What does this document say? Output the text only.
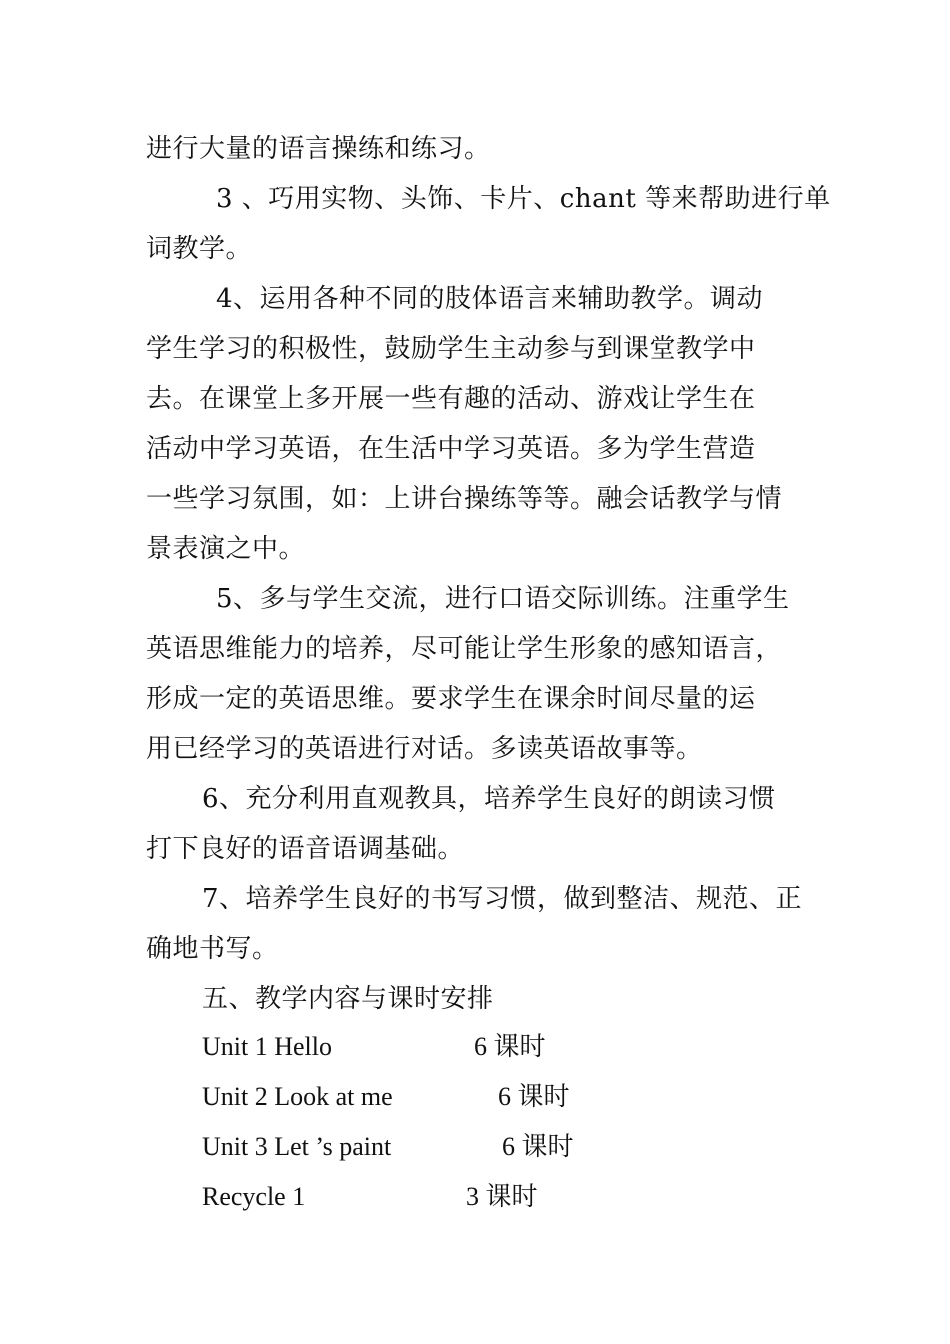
进行大量的语言操练和练习。
3 、巧用实物、头饰、卡片、chant 等来帮助进行单
词教学。
4、运用各种不同的肢体语言来辅助教学。调动
学生学习的积极性，鼓励学生主动参与到课堂教学中
去。在课堂上多开展一些有趣的活动、游戏让学生在
活动中学习英语，在生活中学习英语。多为学生营造
一些学习氛围，如：上讲台操练等等。融会话教学与情
景表演之中。
5、多与学生交流，进行口语交际训练。注重学生
英语思维能力的培养，尽可能让学生形象的感知语言，
形成一定的英语思维。要求学生在课余时间尽量的运
用已经学习的英语进行对话。多读英语故事等。
6、充分利用直观教具，培养学生良好的朗读习惯
打下良好的语音语调基础。
7、培养学生良好的书写习惯，做到整洁、规范、正
确地书写。
五、教学内容与课时安排
Unit 1 Hello	6 课时
Unit 2 Look at me	6 课时
Unit 3 Let ’s paint	6 课时
Recycle 1	3 课时
